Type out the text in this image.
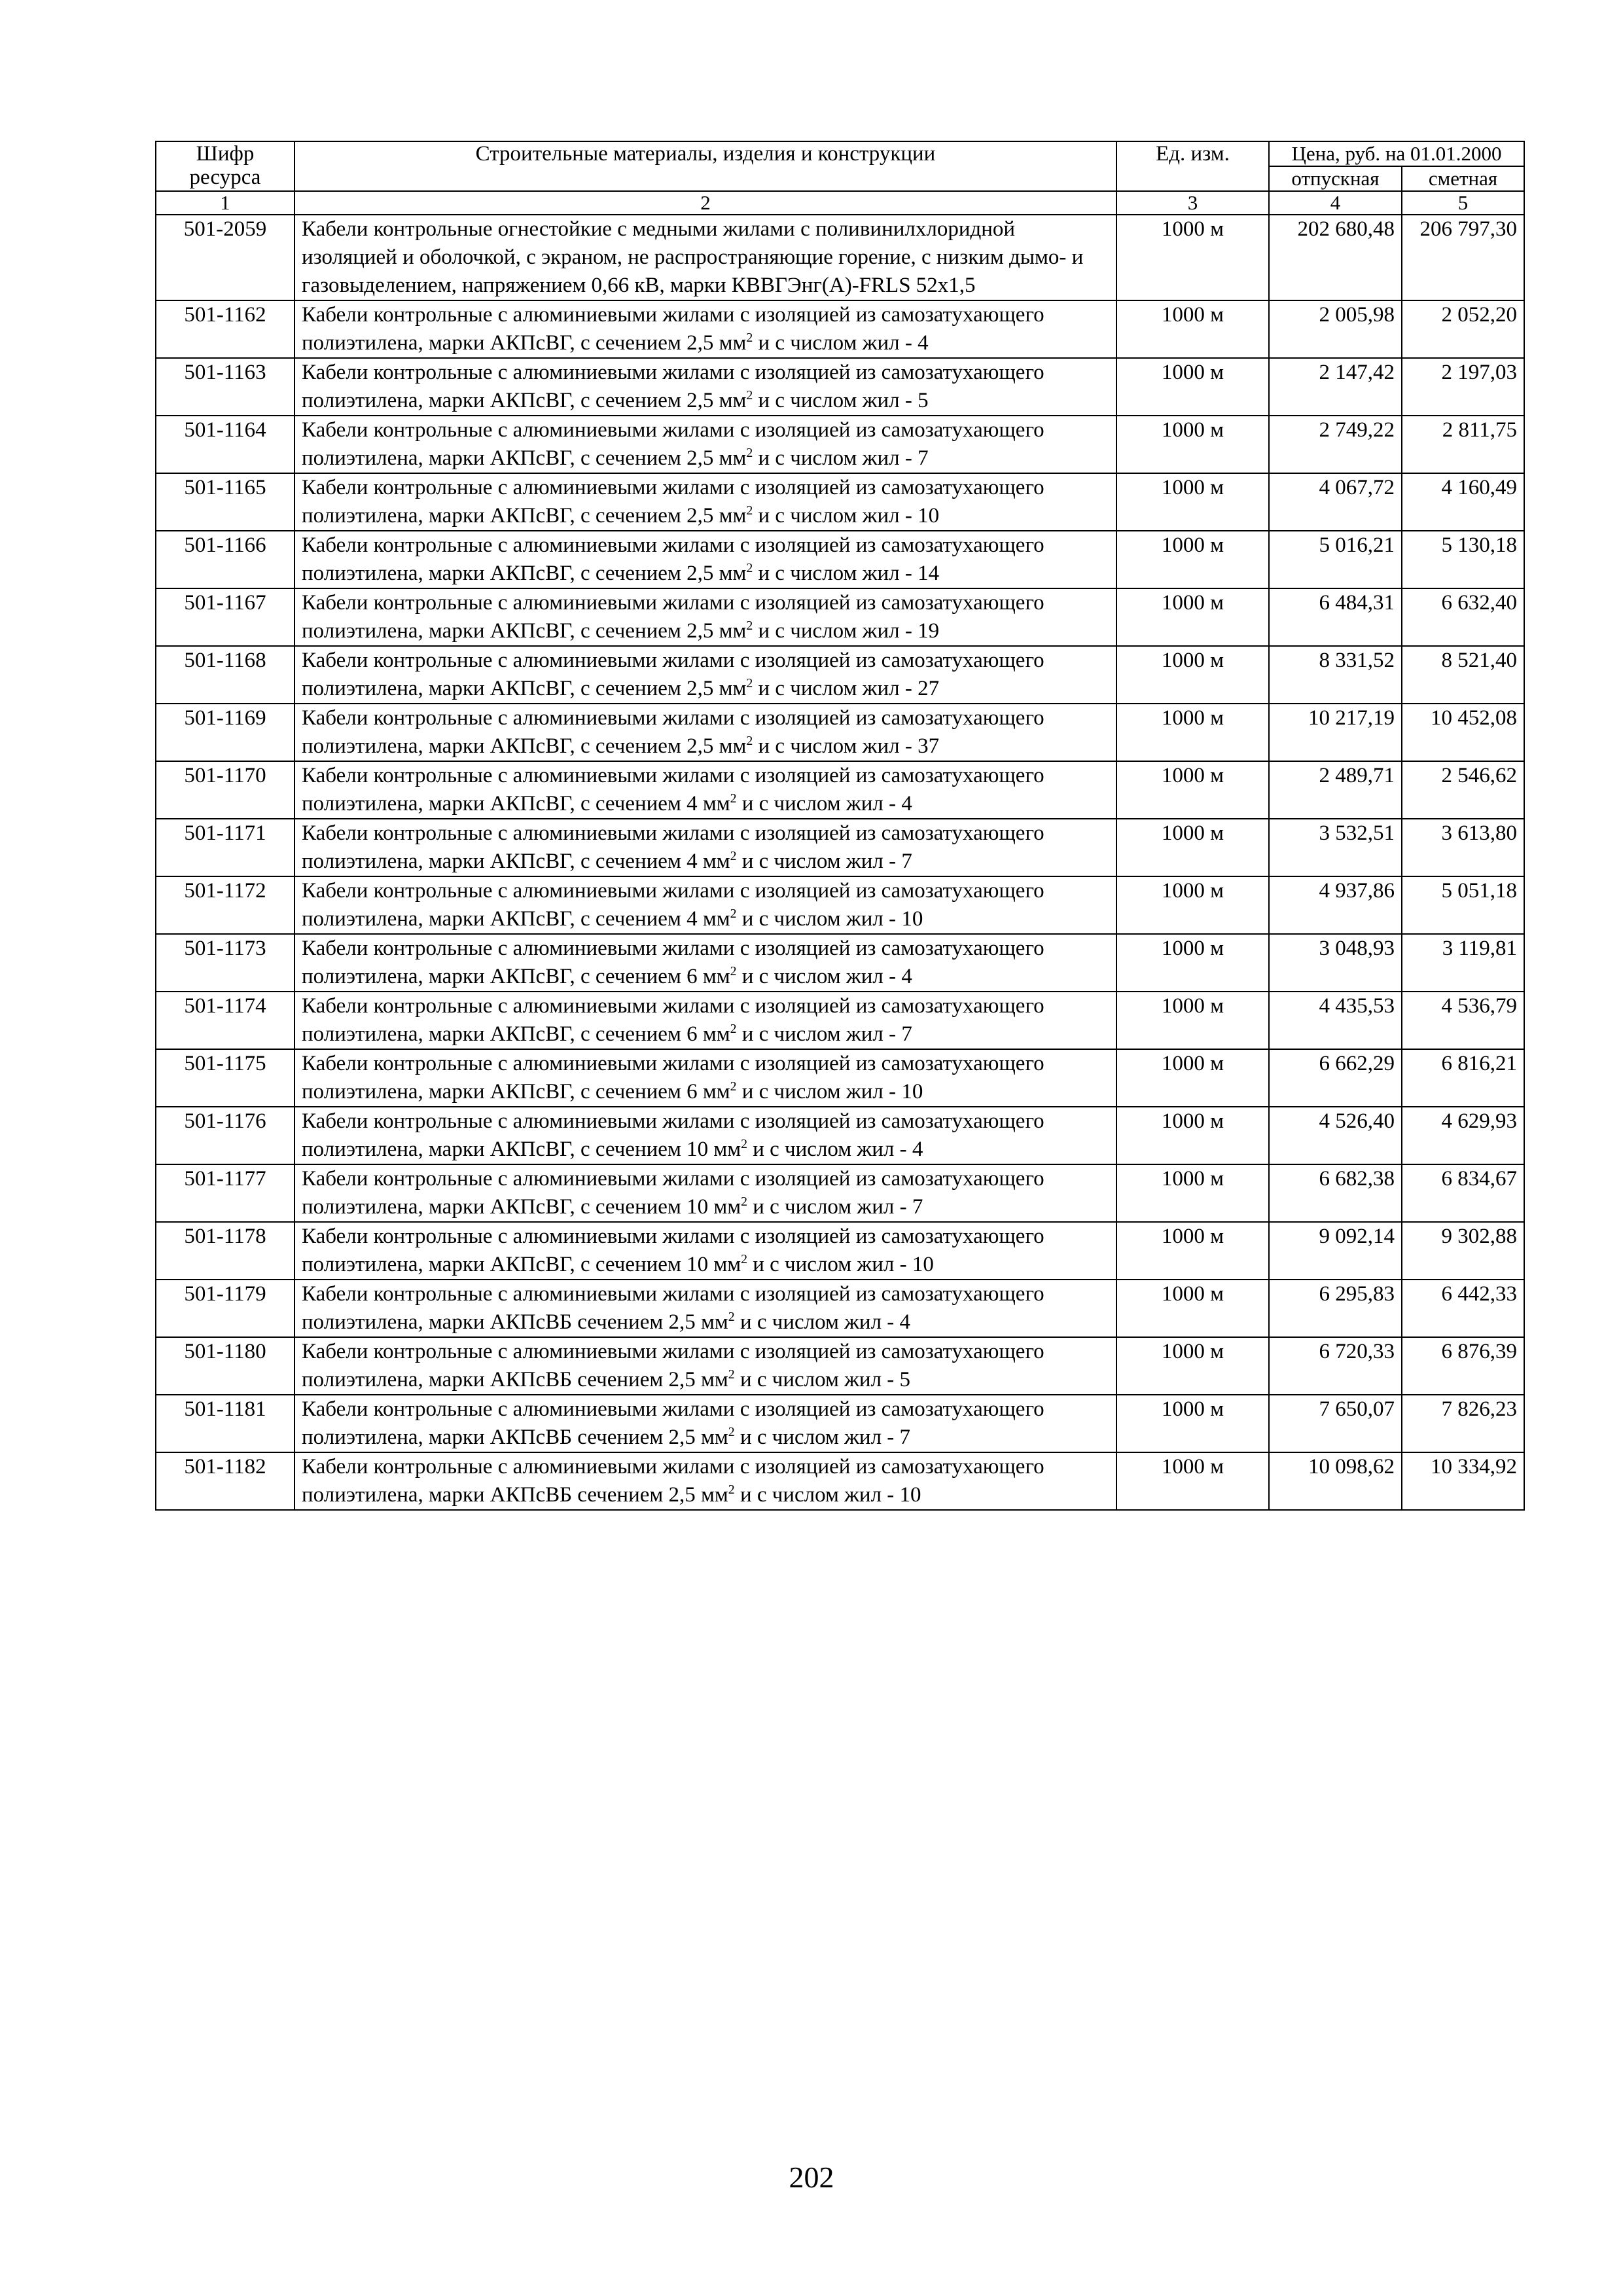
Шифр ресурса	Строительные материалы, изделия и конструкции	Ед. изм.	Цена, руб. на 01.01.2000	
			отпускная	сметная
1	2	3	4	5
501-2059	Кабели контрольные огнестойкие с медными жилами с поливинилхлоридной изоляцией и оболочкой, с экраном, не распространяющие горение, с низким дымо- и газовыделением, напряжением 0,66 кВ, марки КВВГЭнг(А)-FRLS 52х1,5	1000 м	202 680,48	206 797,30
501-1162	Кабели контрольные с алюминиевыми жилами с изоляцией из самозатухающего полиэтилена, марки АКПсВГ, с сечением 2,5 $мм^2$ и с числом жил - 4	1000 м	2 005,98	2 052,20
501-1163	Кабели контрольные с алюминиевыми жилами с изоляцией из самозатухающего полиэтилена, марки АКПсВГ, с сечением 2,5 $мм^2$ и с числом жил - 5	1000 м	2 147,42	2 197,03
501-1164	Кабели контрольные с алюминиевыми жилами с изоляцией из самозатухающего полиэтилена, марки АКПсВГ, с сечением 2,5 $мм^2$ и с числом жил - 7	1000 м	2 749,22	2 811,75
501-1165	Кабели контрольные с алюминиевыми жилами с изоляцией из самозатухающего полиэтилена, марки АКПсВГ, с сечением 2,5 $мм^2$ и с числом жил - 10	1000 м	4 067,72	4 160,49
501-1166	Кабели контрольные с алюминиевыми жилами с изоляцией из самозатухающего полиэтилена, марки АКПсВГ, с сечением 2,5 $мм^2$ и с числом жил - 14	1000 м	5 016,21	5 130,18
501-1167	Кабели контрольные с алюминиевыми жилами с изоляцией из самозатухающего полиэтилена, марки АКПсВГ, с сечением 2,5 $мм^2$ и с числом жил - 19	1000 м	6 484,31	6 632,40
501-1168	Кабели контрольные с алюминиевыми жилами с изоляцией из самозатухающего полиэтилена, марки АКПсВГ, с сечением 2,5 $мм^2$ и с числом жил - 27	1000 м	8 331,52	8 521,40
501-1169	Кабели контрольные с алюминиевыми жилами с изоляцией из самозатухающего полиэтилена, марки АКПсВГ, с сечением 2,5 $мм^2$ и с числом жил - 37	1000 м	10 217,19	10 452,08
501-1170	Кабели контрольные с алюминиевыми жилами с изоляцией из самозатухающего полиэтилена, марки АКПсВГ, с сечением 4 $мм^2$ и с числом жил - 4	1000 м	2 489,71	2 546,62
501-1171	Кабели контрольные с алюминиевыми жилами с изоляцией из самозатухающего полиэтилена, марки АКПсВГ, с сечением 4 $мм^2$ и с числом жил - 7	1000 м	3 532,51	3 613,80
501-1172	Кабели контрольные с алюминиевыми жилами с изоляцией из самозатухающего полиэтилена, марки АКПсВГ, с сечением 4 $мм^2$ и с числом жил - 10	1000 м	4 937,86	5 051,18
501-1173	Кабели контрольные с алюминиевыми жилами с изоляцией из самозатухающего полиэтилена, марки АКПсВГ, с сечением 6 $мм^2$ и с числом жил - 4	1000 м	3 048,93	3 119,81
501-1174	Кабели контрольные с алюминиевыми жилами с изоляцией из самозатухающего полиэтилена, марки АКПсВГ, с сечением 6 $мм^2$ и с числом жил - 7	1000 м	4 435,53	4 536,79
501-1175	Кабели контрольные с алюминиевыми жилами с изоляцией из самозатухающего полиэтилена, марки АКПсВГ, с сечением 6 $мм^2$ и с числом жил - 10	1000 м	6 662,29	6 816,21
501-1176	Кабели контрольные с алюминиевыми жилами с изоляцией из самозатухающего полиэтилена, марки АКПсВГ, с сечением 10 $мм^2$ и с числом жил - 4	1000 м	4 526,40	4 629,93
501-1177	Кабели контрольные с алюминиевыми жилами с изоляцией из самозатухающего полиэтилена, марки АКПсВГ, с сечением 10 $мм^2$ и с числом жил - 7	1000 м	6 682,38	6 834,67
501-1178	Кабели контрольные с алюминиевыми жилами с изоляцией из самозатухающего полиэтилена, марки АКПсВГ, с сечением 10 $мм^2$ и с числом жил - 10	1000 м	9 092,14	9 302,88
501-1179	Кабели контрольные с алюминиевыми жилами с изоляцией из самозатухающего полиэтилена, марки АКПсВБ сечением 2,5 $мм^2$ и с числом жил - 4	1000 м	6 295,83	6 442,33
501-1180	Кабели контрольные с алюминиевыми жилами с изоляцией из самозатухающего полиэтилена, марки АКПсВБ сечением 2,5 $мм^2$ и с числом жил - 5	1000 м	6 720,33	6 876,39
501-1181	Кабели контрольные с алюминиевыми жилами с изоляцией из самозатухающего полиэтилена, марки АКПсВБ сечением 2,5 $мм^2$ и с числом жил - 7	1000 м	7 650,07	7 826,23
501-1182	Кабели контрольные с алюминиевыми жилами с изоляцией из самозатухающего полиэтилена, марки АКПсВБ сечением 2,5 $мм^2$ и с числом жил - 10	1000 м	10 098,62	10 334,92
202
